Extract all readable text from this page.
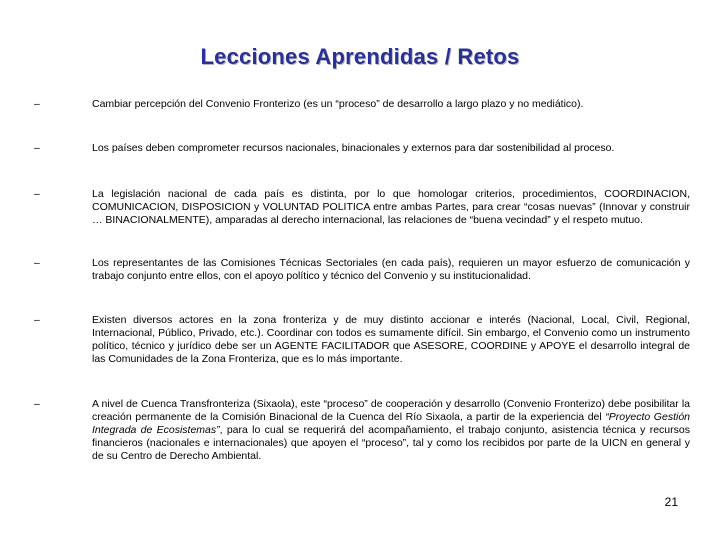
Lecciones Aprendidas / Retos
–	Cambiar percepción del Convenio Fronterizo (es un “proceso” de desarrollo a largo plazo y no mediático).
–	Los países deben comprometer recursos nacionales, binacionales y externos para dar sostenibilidad al proceso.
–	La legislación nacional de cada país es distinta, por lo que homologar criterios, procedimientos, COORDINACION, COMUNICACION, DISPOSICION y VOLUNTAD POLITICA entre ambas Partes, para crear “cosas nuevas” (Innovar y construir … BINACIONALMENTE), amparadas al derecho internacional, las relaciones de “buena vecindad” y el respeto mutuo.
–	Los representantes de las Comisiones Técnicas Sectoriales (en cada país), requieren un mayor esfuerzo de comunicación y trabajo conjunto entre ellos, con el apoyo político y técnico del Convenio y su institucionalidad.
–	Existen diversos actores en la zona fronteriza y de muy distinto accionar e interés (Nacional, Local, Civil, Regional, Internacional, Público, Privado, etc.). Coordinar con todos es sumamente difícil. Sin embargo, el Convenio como un instrumento político, técnico y jurídico debe ser un AGENTE FACILITADOR que ASESORE, COORDINE y APOYE el desarrollo integral de las Comunidades de la Zona Fronteriza, que es lo más importante.
–	A nivel de Cuenca Transfronteriza (Sixaola), este “proceso” de cooperación y desarrollo (Convenio Fronterizo) debe posibilitar la creación permanente de la Comisión Binacional de la Cuenca del Río Sixaola, a partir de la experiencia del “Proyecto Gestión Integrada de Ecosistemas”, para lo cual se requerirá del acompañamiento, el trabajo conjunto, asistencia técnica y recursos financieros (nacionales e internacionales) que apoyen el “proceso”, tal y como los recibidos por parte de la UICN en general y de su Centro de Derecho Ambiental.
21
